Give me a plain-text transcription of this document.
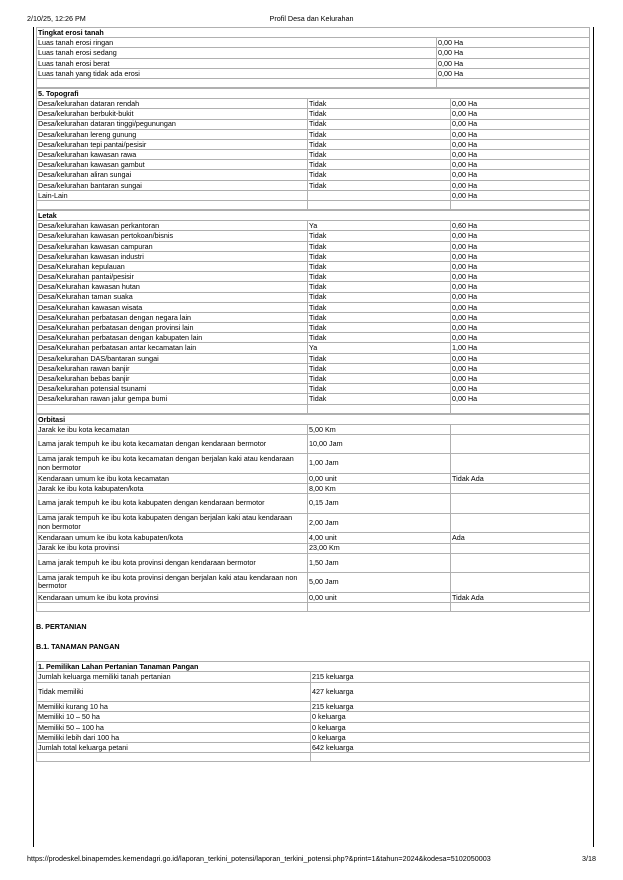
2/10/25, 12:26 PM	Profil Desa dan Kelurahan
Tingkat erosi tanah	
Luas tanah erosi ringan	0,00 Ha
Luas tanah erosi sedang	0,00 Ha
Luas tanah erosi berat	0,00 Ha
Luas tanah yang tidak ada erosi	0,00 Ha

5. Topografi		
Desa/kelurahan dataran rendah	Tidak	0,00 Ha
Desa/kelurahan berbukit-bukit	Tidak	0,00 Ha
Desa/kelurahan dataran tinggi/pegunungan	Tidak	0,00 Ha
Desa/kelurahan lereng gunung	Tidak	0,00 Ha
Desa/kelurahan tepi pantai/pesisir	Tidak	0,00 Ha
Desa/kelurahan kawasan rawa	Tidak	0,00 Ha
Desa/kelurahan kawasan gambut	Tidak	0,00 Ha
Desa/kelurahan aliran sungai	Tidak	0,00 Ha
Desa/kelurahan bantaran sungai	Tidak	0,00 Ha
Lain-Lain		0,00 Ha

Letak		
Desa/kelurahan kawasan perkantoran	Ya	0,60 Ha
Desa/kelurahan kawasan pertokoan/bisnis	Tidak	0,00 Ha
Desa/kelurahan kawasan campuran	Tidak	0,00 Ha
Desa/kelurahan kawasan industri	Tidak	0,00 Ha
Desa/Kelurahan kepulauan	Tidak	0,00 Ha
Desa/Kelurahan pantai/pesisir	Tidak	0,00 Ha
Desa/Kelurahan kawasan hutan	Tidak	0,00 Ha
Desa/Kelurahan taman suaka	Tidak	0,00 Ha
Desa/Kelurahan kawasan wisata	Tidak	0,00 Ha
Desa/Kelurahan perbatasan dengan negara lain	Tidak	0,00 Ha
Desa/Kelurahan perbatasan dengan provinsi lain	Tidak	0,00 Ha
Desa/Kelurahan perbatasan dengan kabupaten lain	Tidak	0,00 Ha
Desa/Kelurahan perbatasan antar kecamatan lain	Ya	1,00 Ha
Desa/kelurahan DAS/bantaran sungai	Tidak	0,00 Ha
Desa/kelurahan rawan banjir	Tidak	0,00 Ha
Desa/kelurahan bebas banjir	Tidak	0,00 Ha
Desa/kelurahan potensial tsunami	Tidak	0,00 Ha
Desa/kelurahan rawan jalur gempa bumi	Tidak	0,00 Ha

Orbitasi		
Jarak ke ibu kota kecamatan	5,00 Km	
Lama jarak tempuh ke ibu kota kecamatan dengan kendaraan bermotor	10,00 Jam	
Lama jarak tempuh ke ibu kota kecamatan dengan berjalan kaki atau kendaraan non bermotor	1,00 Jam	
Kendaraan umum ke ibu kota kecamatan	0,00 unit	Tidak Ada
Jarak ke ibu kota kabupaten/kota	8,00 Km	
Lama jarak tempuh ke ibu kota kabupaten dengan kendaraan bermotor	0,15 Jam	
Lama jarak tempuh ke ibu kota kabupaten dengan berjalan kaki atau kendaraan non bermotor	2,00 Jam	
Kendaraan umum ke ibu kota kabupaten/kota	4,00 unit	Ada
Jarak ke ibu kota provinsi	23,00 Km	
Lama jarak tempuh ke ibu kota provinsi dengan kendaraan bermotor	1,50 Jam	
Lama jarak tempuh ke ibu kota provinsi dengan berjalan kaki atau kendaraan non bermotor	5,00 Jam	
Kendaraan umum ke ibu kota provinsi	0,00 unit	Tidak Ada

B. PERTANIAN
B.1. TANAMAN PANGAN
1. Pemilikan Lahan Pertanian Tanaman Pangan	
Jumlah keluarga memiliki tanah pertanian	215 keluarga
Tidak memiliki	427 keluarga
Memiliki kurang 10 ha	215 keluarga
Memiliki 10 – 50 ha	0 keluarga
Memiliki 50 – 100 ha	0 keluarga
Memiliki lebih dari 100 ha	0 keluarga
Jumlah total keluarga petani	642 keluarga

https://prodeskel.binapemdes.kemendagri.go.id/laporan_terkini_potensi/laporan_terkini_potensi.php?&print=1&tahun=2024&kodesa=5102050003	3/18
